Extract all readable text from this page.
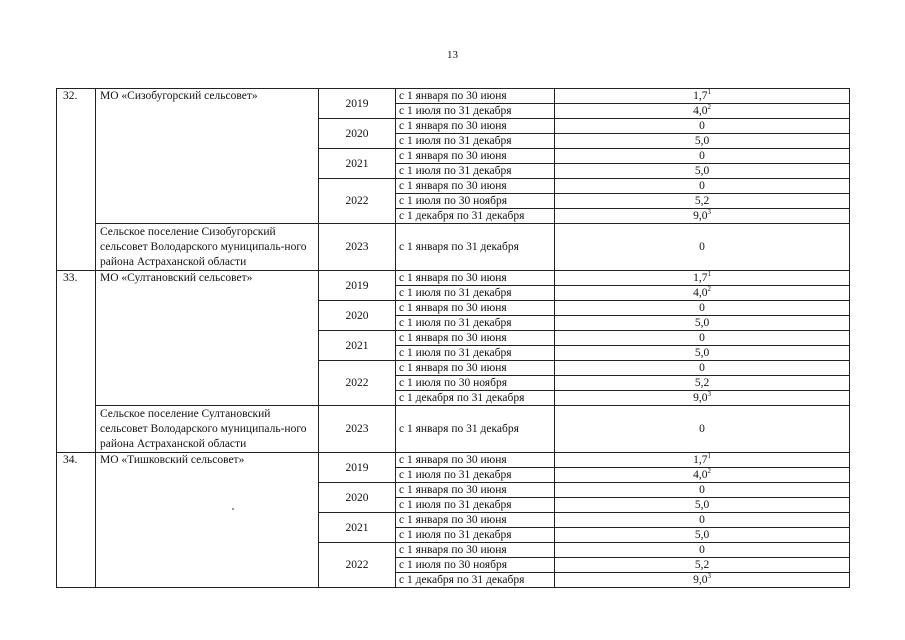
13
32.	МО «Сизобугорский сельсовет»	2019	с 1 января по 30 июня	$1,7^1$
			с 1 июля по 31 декабря	$4,0^2$
		2020	с 1 января по 30 июня	0
			с 1 июля по 31 декабря	5,0
		2021	с 1 января по 30 июня	0
			с 1 июля по 31 декабря	5,0
		2022	с 1 января по 30 июня	0
			с 1 июля по 30 ноября	5,2
			с 1 декабря по 31 декабря	$9,0^3$
	Сельское поселение Сизобугорский сельсовет Володарского муниципаль-ного района Астраханской области	2023	с 1 января по 31 декабря	0
33.	МО «Султановский сельсовет»	2019	с 1 января по 30 июня	$1,7^1$
			с 1 июля по 31 декабря	$4,0^2$
		2020	с 1 января по 30 июня	0
			с 1 июля по 31 декабря	5,0
		2021	с 1 января по 30 июня	0
			с 1 июля по 31 декабря	5,0
		2022	с 1 января по 30 июня	0
			с 1 июля по 30 ноября	5,2
			с 1 декабря по 31 декабря	$9,0^3$
	Сельское поселение Султановский сельсовет Володарского муниципаль-ного района Астраханской области	2023	с 1 января по 31 декабря	0
34.	МО «Тишковский сельсовет»	2019	с 1 января по 30 июня	$1,7^1$
			с 1 июля по 31 декабря	$4,0^2$
		2020	с 1 января по 30 июня	0
			с 1 июля по 31 декабря	5,0
		2021	с 1 января по 30 июня	0
			с 1 июля по 31 декабря	5,0
		2022	с 1 января по 30 июня	0
			с 1 июля по 30 ноября	5,2
			с 1 декабря по 31 декабря	$9,0^3$
